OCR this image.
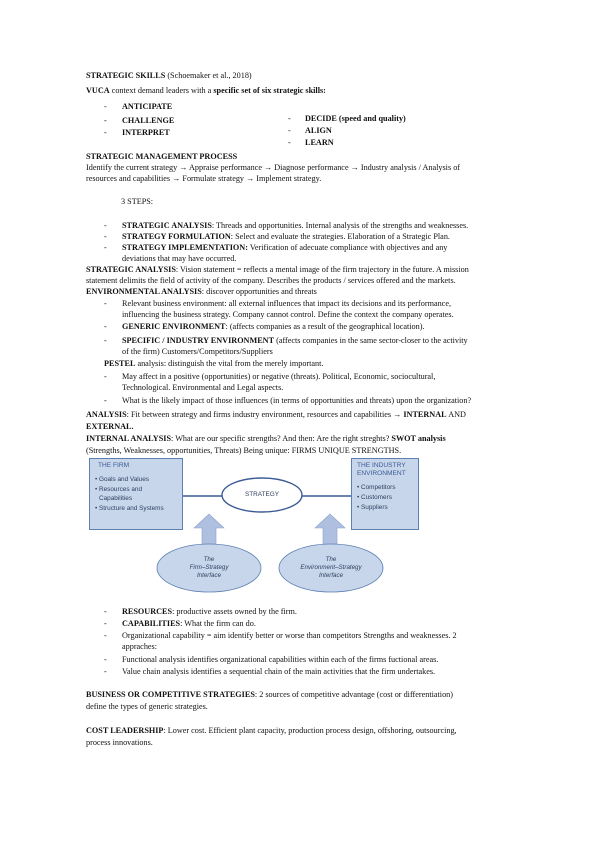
STRATEGIC SKILLS (Schoemaker et al., 2018)
VUCA context demand leaders with a specific set of six strategic skills:
- ANTICIPATE
- CHALLENGE
- INTERPRET
- DECIDE (speed and quality)
- ALIGN
- LEARN
STRATEGIC MANAGEMENT PROCESS
Identify the current strategy → Appraise performance → Diagnose performance → Industry analysis / Analysis of
resources and capabilities → Formulate strategy → Implement strategy.
3 STEPS:
- STRATEGIC ANALYSIS: Threads and opportunities. Internal analysis of the strengths and weaknesses.
- STRATEGY FORMULATION: Select and evaluate the strategies. Elaboration of a Strategic Plan.
- STRATEGY IMPLEMENTATION: Verification of adecuate compliance with objectives and any
deviations that may have occurred.
STRATEGIC ANALYSIS: Vision statement = reflects a mental image of the firm trajectory in the future. A mission
statement delimits the field of activity of the company. Describes the products / services offered and the markets.
ENVIRONMENTAL ANALYSIS: discover opportunities and threats
- Relevant business environment: all external influences that impact its decisions and its performance,
influencing the business strategy. Company cannot control. Define the context the company operates.
- GENERIC ENVIRONMENT: (affects companies as a result of the geographical location).
- SPECIFIC / INDUSTRY ENVIRONMENT (affects companies in the same sector-closer to the activity
of the firm) Customers/Competitors/Suppliers
PESTEL analysis: distinguish the vital from the merely important.
- May affect in a positive (opportunities) or negative (threats). Political, Economic, sociocultural,
Technological. Environmental and Legal aspects.
- What is the likely impact of those influences (in terms of opportunities and threats) upon the organization?
ANALYSIS: Fit between strategy and firms industry environment, resources and capabilities → INTERNAL AND
EXTERNAL.
INTERNAL ANALYSIS: What are our specific strengths? And then: Are the right streghts? SWOT analysis
(Strengths, Weaknesses, opportunities, Threats) Being unique: FIRMS UNIQUE STRENGTHS.
THE FIRM
• Goals and Values
• Resources and
Capabilities
• Structure and Systems
STRATEGY
THE INDUSTRY
ENVIRONMENT
• Competitors
• Customers
• Suppliers
The
Firm–Strategy
Interface
The
Environment–Strategy
Interface
- RESOURCES: productive assets owned by the firm.
- CAPABILITIES: What the firm can do.
- Organizational capability = aim identify better or worse than competitors Strengths and weaknesses. 2
appraches:
- Functional analysis identifies organizational capabilities within each of the firms fuctional areas.
- Value chain analysis identifies a sequential chain of the main activities that the firm undertakes.
BUSINESS OR COMPETITIVE STRATEGIES: 2 sources of competitive advantage (cost or differentiation)
define the types of generic strategies.
COST LEADERSHIP: Lower cost. Efficient plant capacity, production process design, offshoring, outsourcing,
process innovations.
